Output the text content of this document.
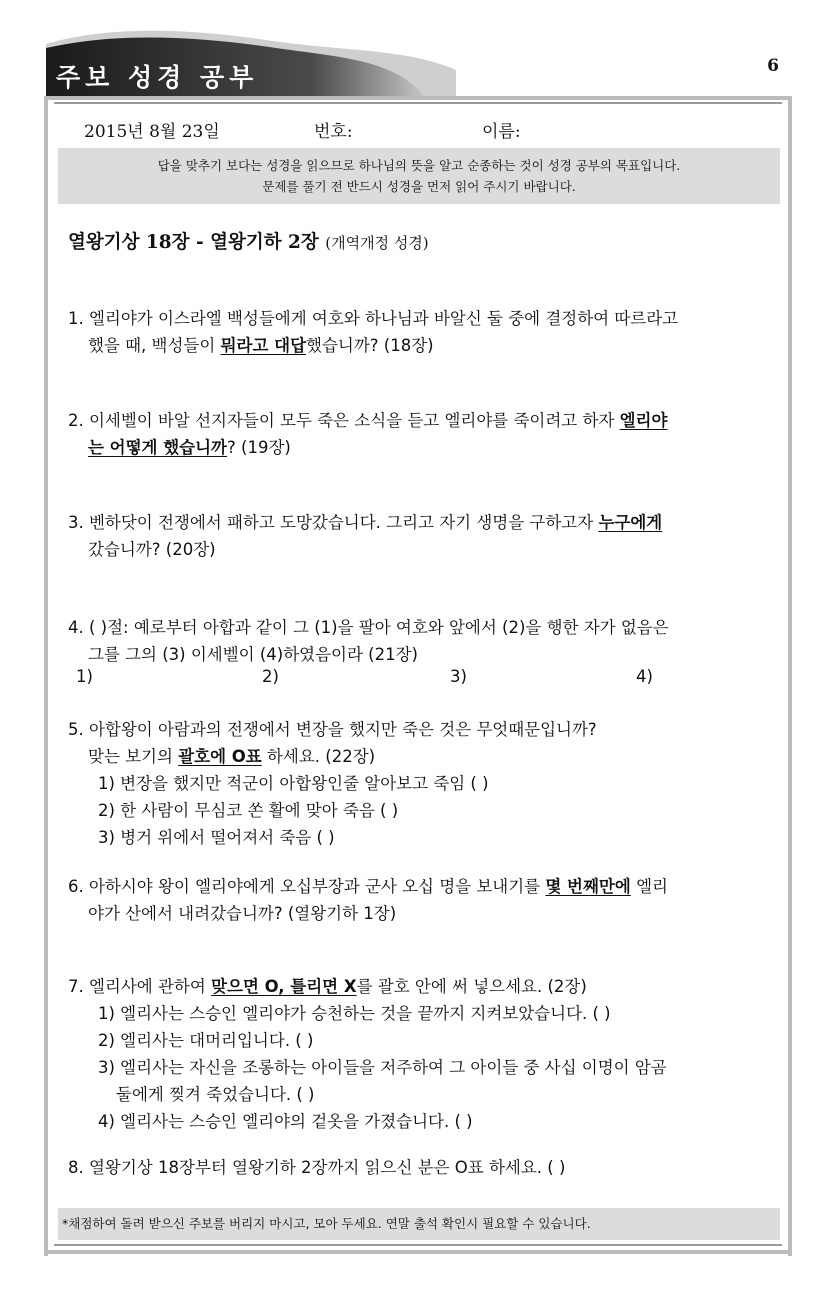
주보 성경 공부	6
2015년 8월 23일	번호:	이름:
답을 맞추기 보다는 성경을 읽으므로 하나님의 뜻을 알고 순종하는 것이 성경 공부의 목표입니다.
문제를 풀기 전 반드시 성경을 먼저 읽어 주시기 바랍니다.
열왕기상 18장 - 열왕기하 2장 (개역개정 성경)
1. 엘리야가 이스라엘 백성들에게 여호와 하나님과 바알신 둘 중에 결정하여 따르라고
했을 때, 백성들이 뭐라고 대답했습니까? (18장)
2. 이세벨이 바알 선지자들이 모두 죽은 소식을 듣고 엘리야를 죽이려고 하자 엘리야
는 어떻게 했습니까? (19장)
3. 벤하닷이 전쟁에서 패하고 도망갔습니다. 그리고 자기 생명을 구하고자 누구에게
갔습니까? (20장)
4. ( )절: 예로부터 아합과 같이 그 (1)을 팔아 여호와 앞에서 (2)을 행한 자가 없음은
그를 그의 (3) 이세벨이 (4)하였음이라 (21장)
1)	2)	3)	4)
5. 아합왕이 아람과의 전쟁에서 변장을 했지만 죽은 것은 무엇때문입니까?
맞는 보기의 괄호에 O표 하세요. (22장)
1) 변장을 했지만 적군이 아합왕인줄 알아보고 죽임 ( )
2) 한 사람이 무심코 쏜 활에 맞아 죽음 ( )
3) 병거 위에서 떨어져서 죽음 ( )
6. 아하시야 왕이 엘리야에게 오십부장과 군사 오십 명을 보내기를 몇 번째만에 엘리
야가 산에서 내려갔습니까? (열왕기하 1장)
7. 엘리사에 관하여 맞으면 O, 틀리면 X를 괄호 안에 써 넣으세요. (2장)
1) 엘리사는 스승인 엘리야가 승천하는 것을 끝까지 지켜보았습니다. ( )
2) 엘리사는 대머리입니다. ( )
3) 엘리사는 자신을 조롱하는 아이들을 저주하여 그 아이들 중 사십 이명이 암곰
둘에게 찢겨 죽었습니다. ( )
4) 엘리사는 스승인 엘리야의 겉옷을 가졌습니다. ( )
8. 열왕기상 18장부터 열왕기하 2장까지 읽으신 분은 O표 하세요. ( )
*채점하여 돌려 받으신 주보를 버리지 마시고, 모아 두세요. 연말 출석 확인시 필요할 수 있습니다.
